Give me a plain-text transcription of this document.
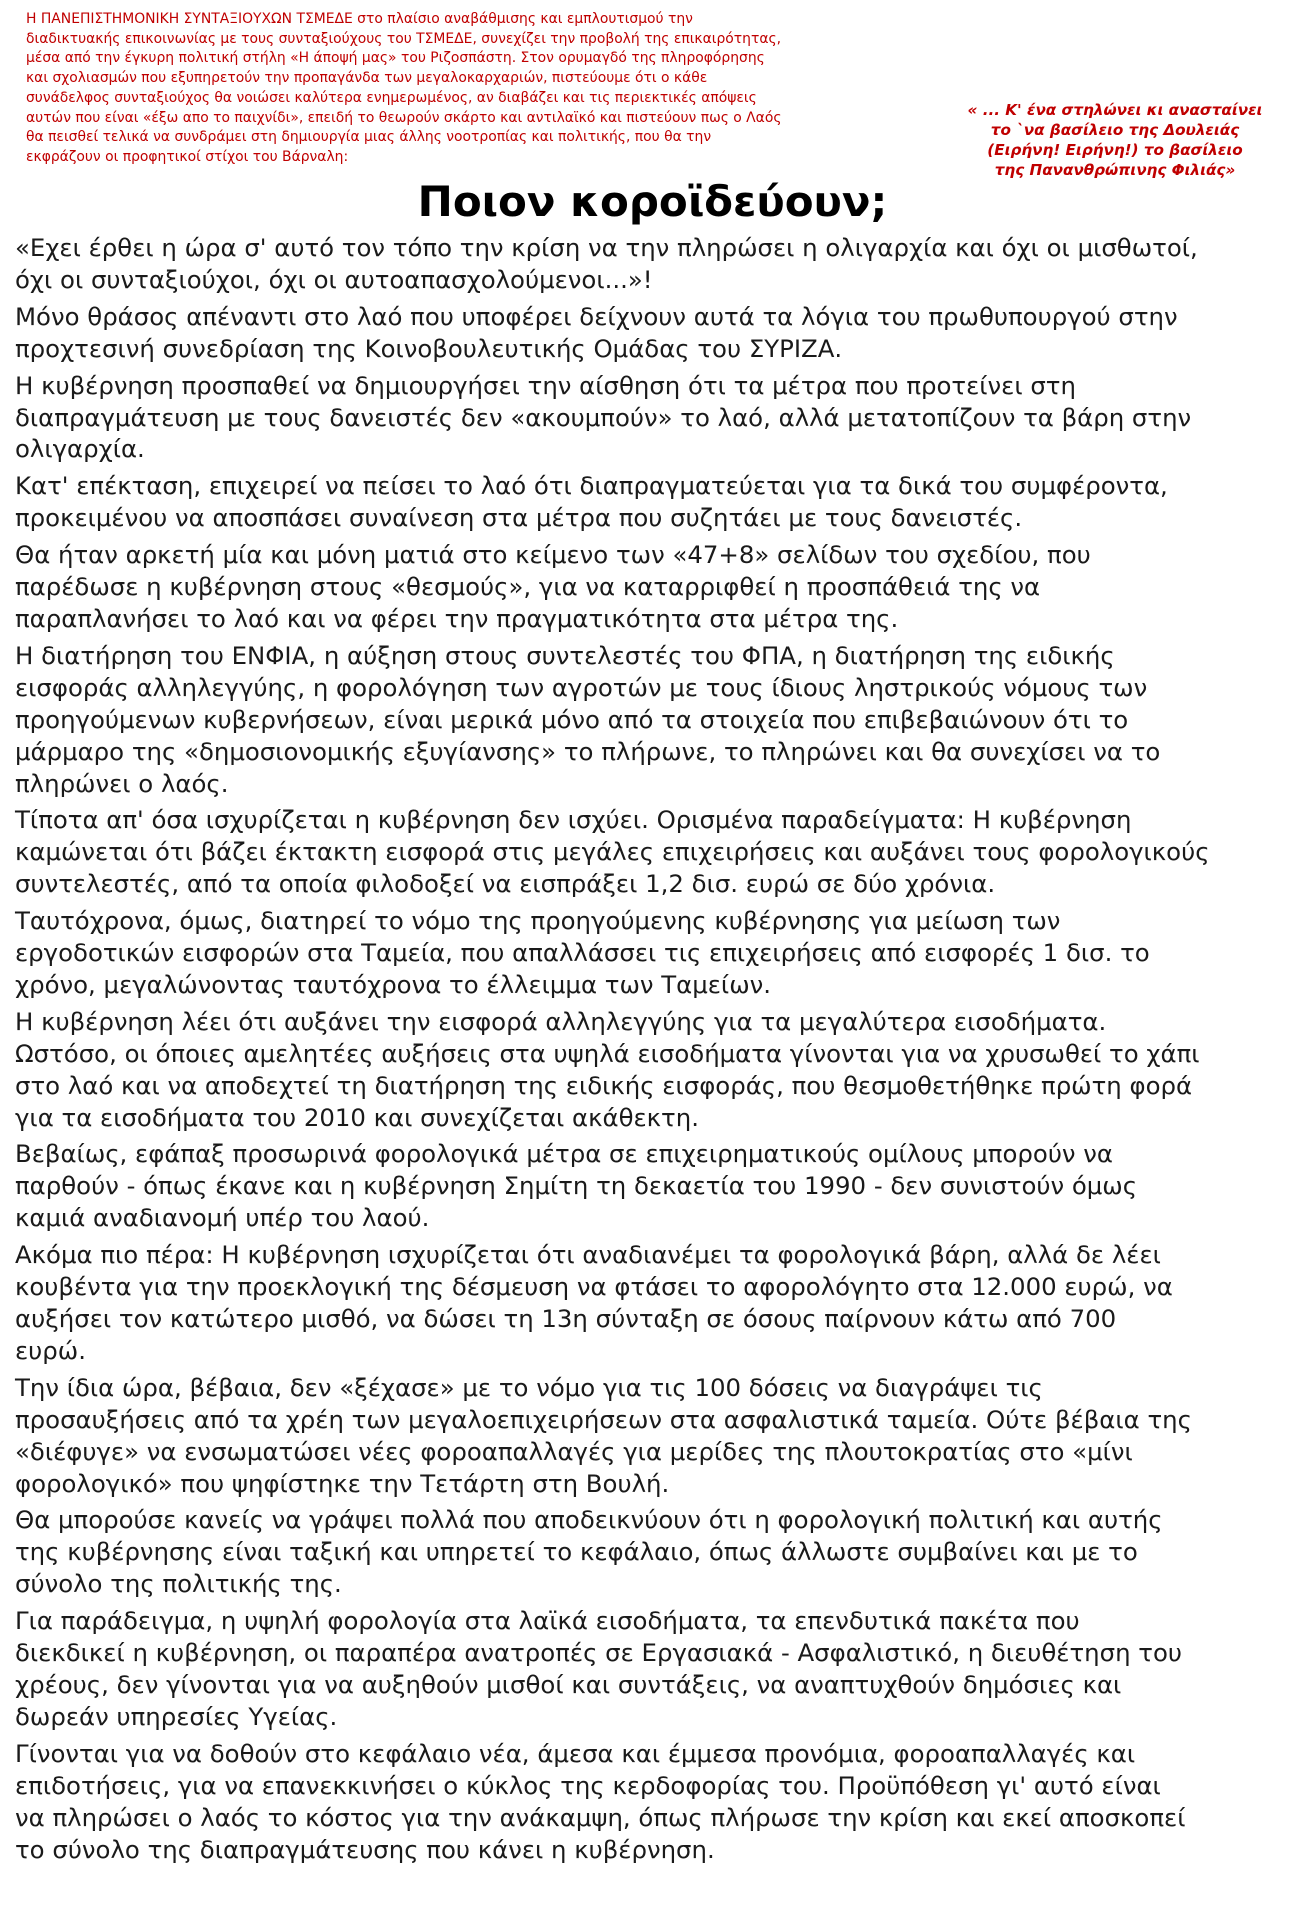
Η ΠΑΝΕΠΙΣΤΗΜΟΝΙΚΗ ΣΥΝΤΑΞΙΟΥΧΩΝ ΤΣΜΕΔΕ στο πλαίσιο αναβάθμισης και εμπλουτισμού την
διαδικτυακής επικοινωνίας με τους συνταξιούχους του ΤΣΜΕΔΕ, συνεχίζει την προβολή της επικαιρότητας,
μέσα από την έγκυρη πολιτική στήλη «Η άποψή μας» του Ριζοσπάστη. Στον ορυμαγδό της πληροφόρησης
και σχολιασμών που εξυπηρετούν την προπαγάνδα των μεγαλοκαρχαριών, πιστεύουμε ότι ο κάθε
συνάδελφος συνταξιούχος θα νοιώσει καλύτερα ενημερωμένος, αν διαβάζει και τις περιεκτικές απόψεις
αυτών που είναι «έξω απο το παιχνίδι», επειδή το θεωρούν σκάρτο και αντιλαϊκό και πιστεύουν πως ο Λαός
θα πεισθεί τελικά να συνδράμει στη δημιουργία μιας άλλης νοοτροπίας και πολιτικής, που θα την
εκφράζουν οι προφητικοί στίχοι του Βάρναλη:

« ... Κ' ένα στηλώνει κι ανασταίνει
το `να βασίλειο της Δουλειάς
(Ειρήνη! Ειρήνη!) το βασίλειο
της Πανανθρώπινης Φιλιάς»

Ποιον κοροϊδεύουν;

«Εχει έρθει η ώρα σ' αυτό τον τόπο την κρίση να την πληρώσει η ολιγαρχία και όχι οι μισθωτοί,
όχι οι συνταξιούχοι, όχι οι αυτοαπασχολούμενοι...»!

Μόνο θράσος απέναντι στο λαό που υποφέρει δείχνουν αυτά τα λόγια του πρωθυπουργού στην
προχτεσινή συνεδρίαση της Κοινοβουλευτικής Ομάδας του ΣΥΡΙΖΑ.

Η κυβέρνηση προσπαθεί να δημιουργήσει την αίσθηση ότι τα μέτρα που προτείνει στη
διαπραγμάτευση με τους δανειστές δεν «ακουμπούν» το λαό, αλλά μετατοπίζουν τα βάρη στην
ολιγαρχία.

Κατ' επέκταση, επιχειρεί να πείσει το λαό ότι διαπραγματεύεται για τα δικά του συμφέροντα,
προκειμένου να αποσπάσει συναίνεση στα μέτρα που συζητάει με τους δανειστές.

Θα ήταν αρκετή μία και μόνη ματιά στο κείμενο των «47+8» σελίδων του σχεδίου, που
παρέδωσε η κυβέρνηση στους «θεσμούς», για να καταρριφθεί η προσπάθειά της να
παραπλανήσει το λαό και να φέρει την πραγματικότητα στα μέτρα της.

Η διατήρηση του ΕΝΦΙΑ, η αύξηση στους συντελεστές του ΦΠΑ, η διατήρηση της ειδικής
εισφοράς αλληλεγγύης, η φορολόγηση των αγροτών με τους ίδιους ληστρικούς νόμους των
προηγούμενων κυβερνήσεων, είναι μερικά μόνο από τα στοιχεία που επιβεβαιώνουν ότι το
μάρμαρο της «δημοσιονομικής εξυγίανσης» το πλήρωνε, το πληρώνει και θα συνεχίσει να το
πληρώνει ο λαός.

Τίποτα απ' όσα ισχυρίζεται η κυβέρνηση δεν ισχύει. Ορισμένα παραδείγματα: Η κυβέρνηση
καμώνεται ότι βάζει έκτακτη εισφορά στις μεγάλες επιχειρήσεις και αυξάνει τους φορολογικούς
συντελεστές, από τα οποία φιλοδοξεί να εισπράξει 1,2 δισ. ευρώ σε δύο χρόνια.

Ταυτόχρονα, όμως, διατηρεί το νόμο της προηγούμενης κυβέρνησης για μείωση των
εργοδοτικών εισφορών στα Ταμεία, που απαλλάσσει τις επιχειρήσεις από εισφορές 1 δισ. το
χρόνο, μεγαλώνοντας ταυτόχρονα το έλλειμμα των Ταμείων.

Η κυβέρνηση λέει ότι αυξάνει την εισφορά αλληλεγγύης για τα μεγαλύτερα εισοδήματα.
Ωστόσο, οι όποιες αμελητέες αυξήσεις στα υψηλά εισοδήματα γίνονται για να χρυσωθεί το χάπι
στο λαό και να αποδεχτεί τη διατήρηση της ειδικής εισφοράς, που θεσμοθετήθηκε πρώτη φορά
για τα εισοδήματα του 2010 και συνεχίζεται ακάθεκτη.

Βεβαίως, εφάπαξ προσωρινά φορολογικά μέτρα σε επιχειρηματικούς ομίλους μπορούν να
παρθούν - όπως έκανε και η κυβέρνηση Σημίτη τη δεκαετία του 1990 - δεν συνιστούν όμως
καμιά αναδιανομή υπέρ του λαού.

Ακόμα πιο πέρα: Η κυβέρνηση ισχυρίζεται ότι αναδιανέμει τα φορολογικά βάρη, αλλά δε λέει
κουβέντα για την προεκλογική της δέσμευση να φτάσει το αφορολόγητο στα 12.000 ευρώ, να
αυξήσει τον κατώτερο μισθό, να δώσει τη 13η σύνταξη σε όσους παίρνουν κάτω από 700
ευρώ.

Την ίδια ώρα, βέβαια, δεν «ξέχασε» με το νόμο για τις 100 δόσεις να διαγράψει τις
προσαυξήσεις από τα χρέη των μεγαλοεπιχειρήσεων στα ασφαλιστικά ταμεία. Ούτε βέβαια της
«διέφυγε» να ενσωματώσει νέες φοροαπαλλαγές για μερίδες της πλουτοκρατίας στο «μίνι
φορολογικό» που ψηφίστηκε την Τετάρτη στη Βουλή.

Θα μπορούσε κανείς να γράψει πολλά που αποδεικνύουν ότι η φορολογική πολιτική και αυτής
της κυβέρνησης είναι ταξική και υπηρετεί το κεφάλαιο, όπως άλλωστε συμβαίνει και με το
σύνολο της πολιτικής της.

Για παράδειγμα, η υψηλή φορολογία στα λαϊκά εισοδήματα, τα επενδυτικά πακέτα που
διεκδικεί η κυβέρνηση, οι παραπέρα ανατροπές σε Εργασιακά - Ασφαλιστικό, η διευθέτηση του
χρέους, δεν γίνονται για να αυξηθούν μισθοί και συντάξεις, να αναπτυχθούν δημόσιες και
δωρεάν υπηρεσίες Υγείας.

Γίνονται για να δοθούν στο κεφάλαιο νέα, άμεσα και έμμεσα προνόμια, φοροαπαλλαγές και
επιδοτήσεις, για να επανεκκινήσει ο κύκλος της κερδοφορίας του. Προϋπόθεση γι' αυτό είναι
να πληρώσει ο λαός το κόστος για την ανάκαμψη, όπως πλήρωσε την κρίση και εκεί αποσκοπεί
το σύνολο της διαπραγμάτευσης που κάνει η κυβέρνηση.
